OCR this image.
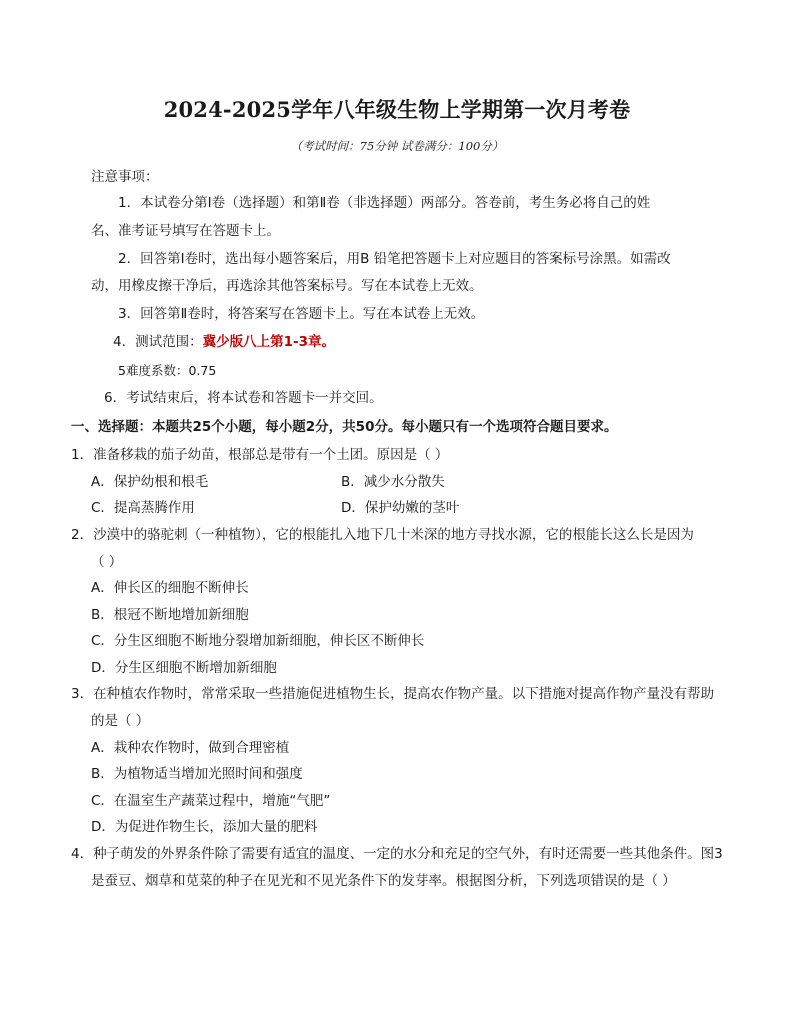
2024-2025学年八年级生物上学期第一次月考卷
（考试时间：75分钟 试卷满分：100分）
注意事项：
1．本试卷分第Ⅰ卷（选择题）和第Ⅱ卷（非选择题）两部分。答卷前，考生务必将自己的姓
名、准考证号填写在答题卡上。
2．回答第Ⅰ卷时，选出每小题答案后，用B 铅笔把答题卡上对应题目的答案标号涂黑。如需改
动，用橡皮擦干净后，再选涂其他答案标号。写在本试卷上无效。
3．回答第Ⅱ卷时，将答案写在答题卡上。写在本试卷上无效。
4．测试范围：冀少版八上第1-3章。
5难度系数：0.75
6．考试结束后，将本试卷和答题卡一并交回。
一、选择题：本题共25个小题，每小题2分，共50分。每小题只有一个选项符合题目要求。
1．准备移栽的茄子幼苗，根部总是带有一个土团。原因是（ ）
A．保护幼根和根毛	B．减少水分散失
C．提高蒸腾作用	D．保护幼嫩的茎叶
2．沙漠中的骆驼刺（一种植物），它的根能扎入地下几十米深的地方寻找水源，它的根能长这么长是因为
（ ）
A．伸长区的细胞不断伸长
B．根冠不断地增加新细胞
C．分生区细胞不断地分裂增加新细胞，伸长区不断伸长
D．分生区细胞不断增加新细胞
3．在种植农作物时，常常采取一些措施促进植物生长，提高农作物产量。以下措施对提高作物产量没有帮助
的是（ ）
A．栽种农作物时，做到合理密植
B．为植物适当增加光照时间和强度
C．在温室生产蔬菜过程中，增施“气肥”
D．为促进作物生长，添加大量的肥料
4．种子萌发的外界条件除了需要有适宜的温度、一定的水分和充足的空气外，有时还需要一些其他条件。图3
是蚕豆、烟草和苋菜的种子在见光和不见光条件下的发芽率。根据图分析，下列选项错误的是（ ）
